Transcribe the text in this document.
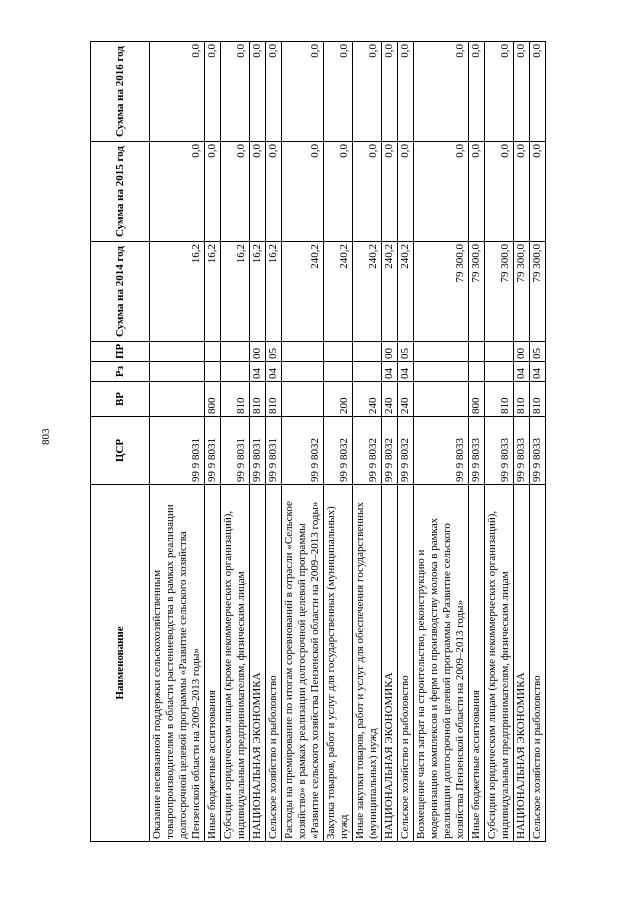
803
Наименование	ЦСР	ВР	Рз	ПР	Сумма на 2014 год	Сумма на 2015 год	Сумма на 2016 год
Оказание несвязанной поддержки сельскохозяйственным товаропроизводителям в области растениеводства в рамках реализации долгосрочной целевой программы «Развитие сельского хозяйства Пензенской области на 2009–2013 годы»	99 9 8031				16,2	0,0	0,0
Иные бюджетные ассигнования	99 9 8031	800			16,2	0,0	0,0
Субсидии юридическим лицам (кроме некоммерческих организаций), индивидуальным предпринимателям, физическим лицам	99 9 8031	810			16,2	0,0	0,0
НАЦИОНАЛЬНАЯ ЭКОНОМИКА	99 9 8031	810	04	00	16,2	0,0	0,0
Сельское хозяйство и рыболовство	99 9 8031	810	04	05	16,2	0,0	0,0
Расходы на премирование по итогам соревнований в отрасли «Сельское хозяйство» в рамках реализации долгосрочной целевой программы «Развитие сельского хозяйства Пензенской области на 2009–2013 годы»	99 9 8032				240,2	0,0	0,0
Закупка товаров, работ и услуг для государственных (муниципальных) нужд	99 9 8032	200			240,2	0,0	0,0
Иные закупки товаров, работ и услуг для обеспечения государственных (муниципальных) нужд	99 9 8032	240			240,2	0,0	0,0
НАЦИОНАЛЬНАЯ ЭКОНОМИКА	99 9 8032	240	04	00	240,2	0,0	0,0
Сельское хозяйство и рыболовство	99 9 8032	240	04	05	240,2	0,0	0,0
Возмещение части затрат на строительство, реконструкцию и модернизацию комплексов и ферм по производству молока в рамках реализации долгосрочной целевой программы «Развитие сельского хозяйства Пензенской области на 2009–2013 годы»	99 9 8033				79 300,0	0,0	0,0
Иные бюджетные ассигнования	99 9 8033	800			79 300,0	0,0	0,0
Субсидии юридическим лицам (кроме некоммерческих организаций), индивидуальным предпринимателям, физическим лицам	99 9 8033	810			79 300,0	0,0	0,0
НАЦИОНАЛЬНАЯ ЭКОНОМИКА	99 9 8033	810	04	00	79 300,0	0,0	0,0
Сельское хозяйство и рыболовство	99 9 8033	810	04	05	79 300,0	0,0	0,0
